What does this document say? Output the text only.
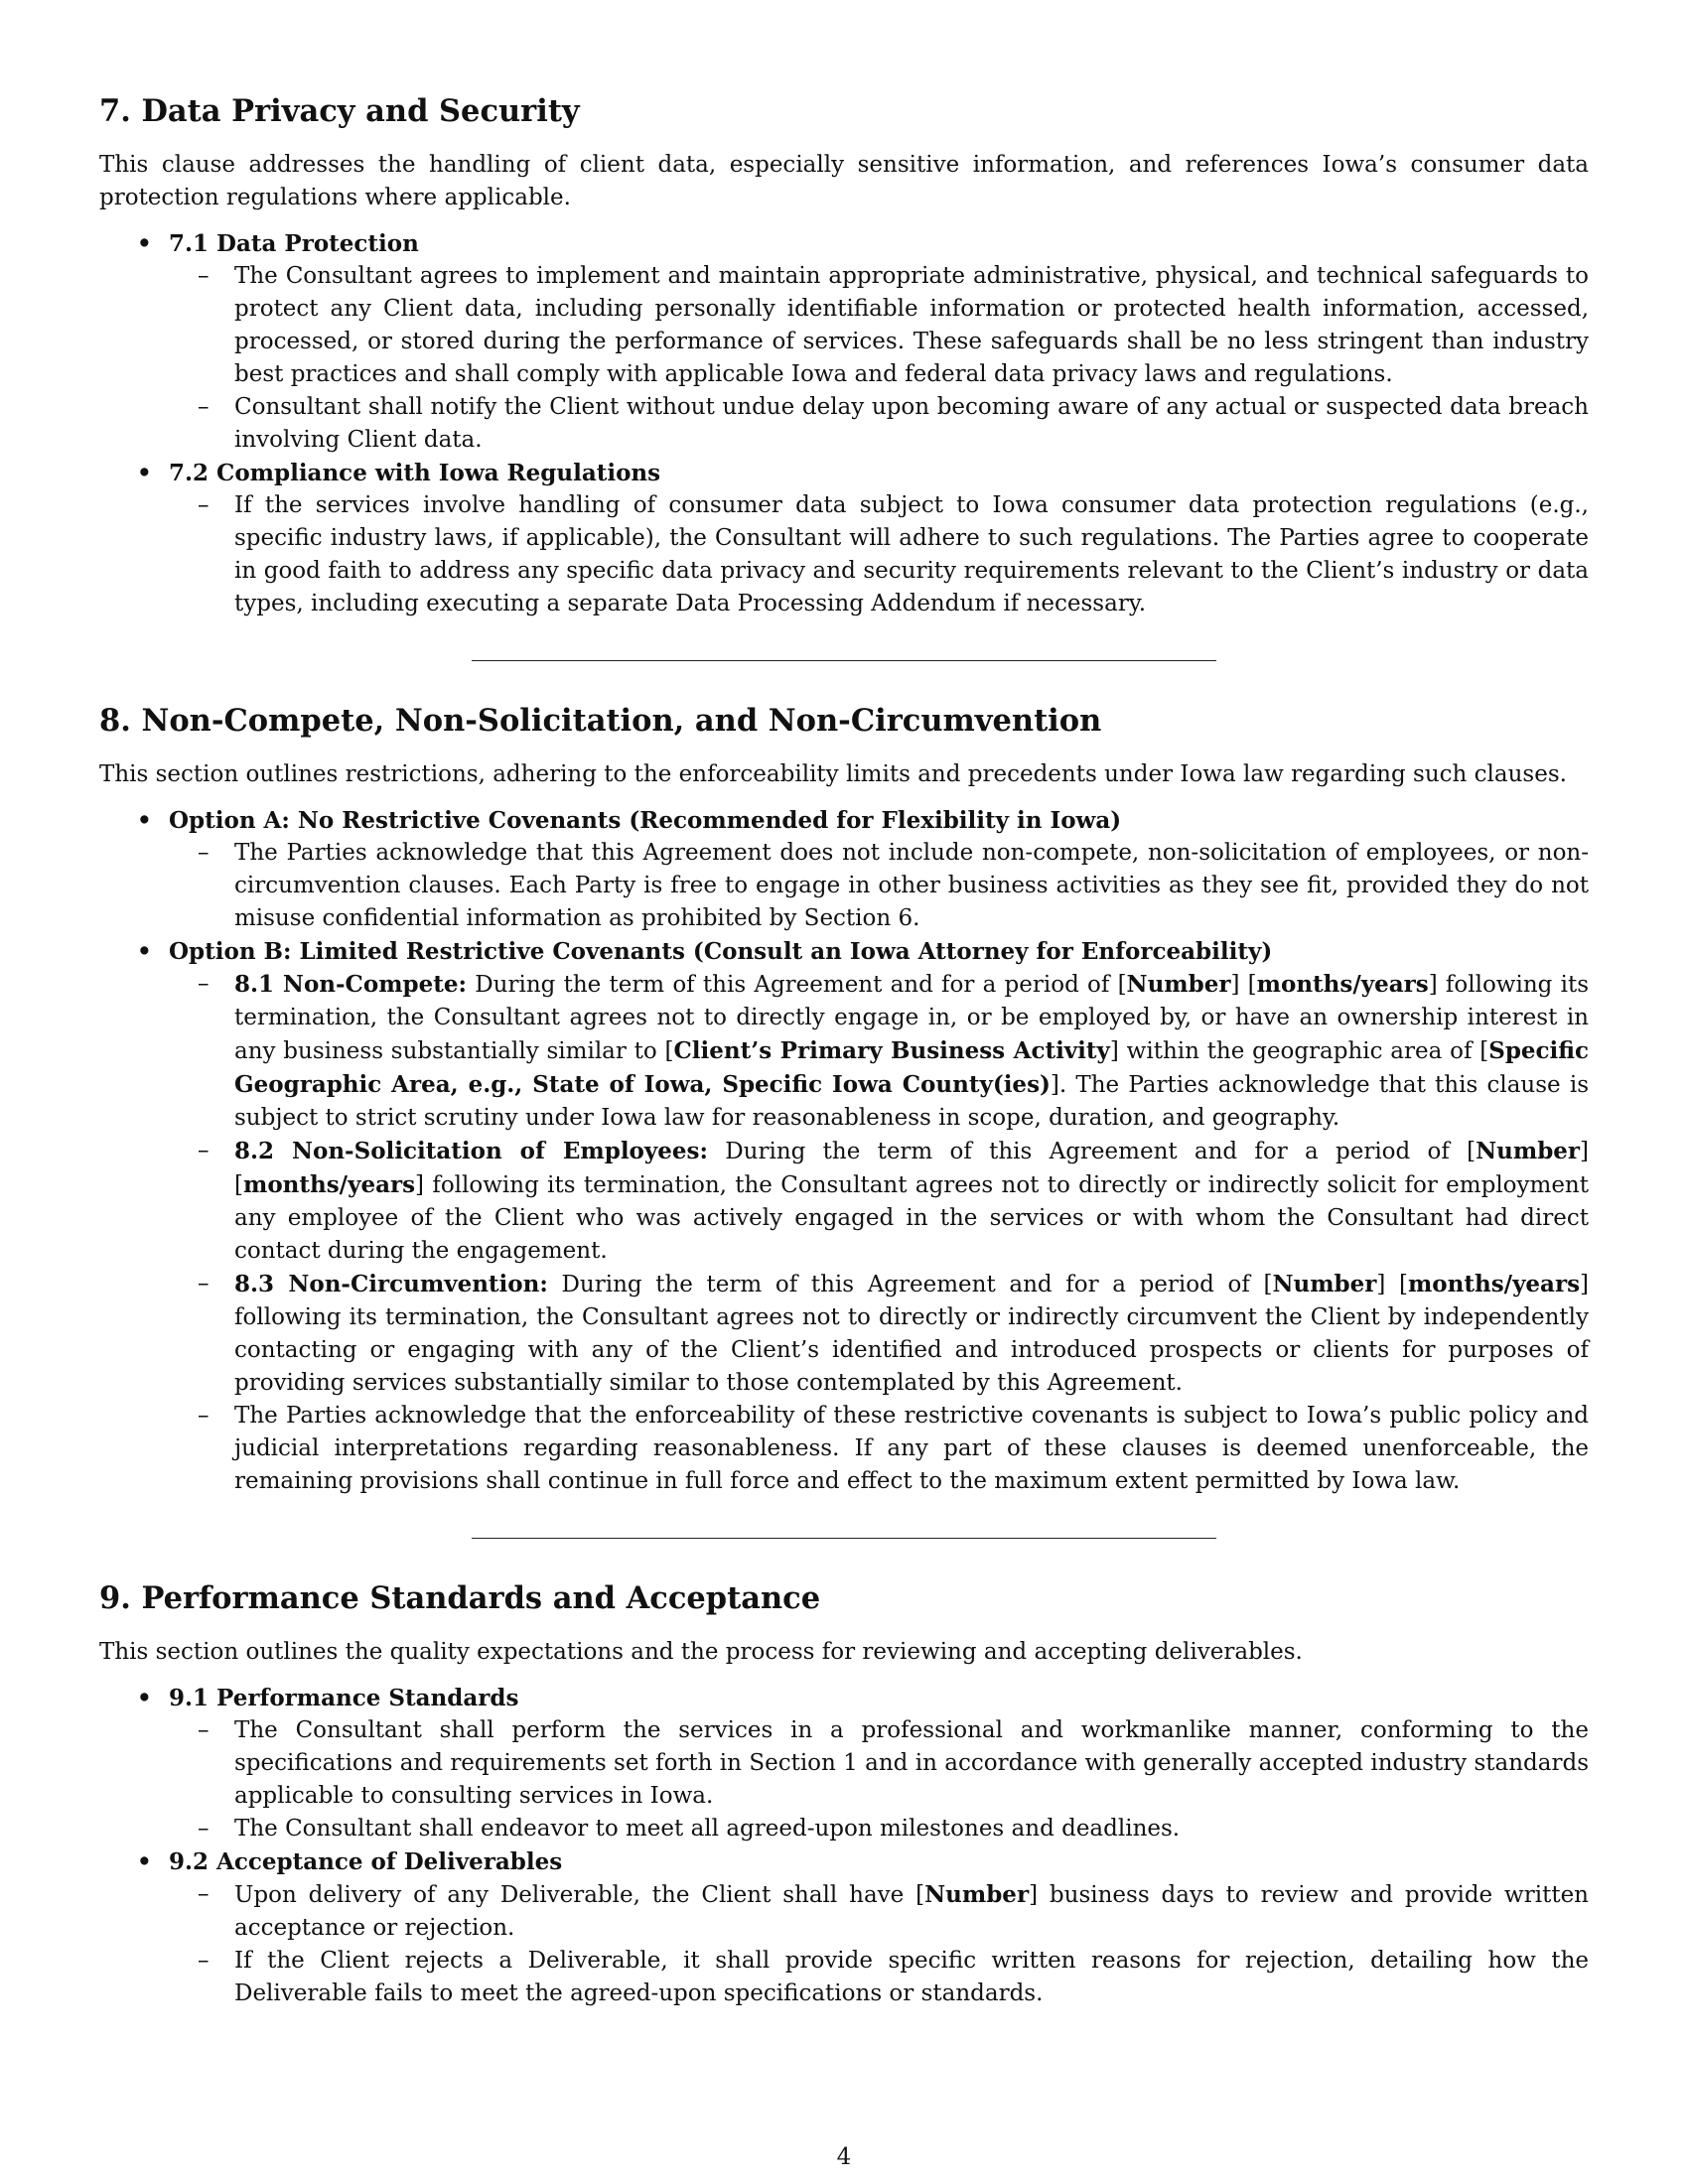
7. Data Privacy and Security

This clause addresses the handling of client data, especially sensitive information, and references Iowa’s consumer data protection regulations where applicable.

• 7.1 Data Protection
– The Consultant agrees to implement and maintain appropriate administrative, physical, and technical safeguards to protect any Client data, including personally identifiable information or protected health information, accessed, processed, or stored during the performance of services. These safeguards shall be no less stringent than industry best practices and shall comply with applicable Iowa and federal data privacy laws and regulations.
– Consultant shall notify the Client without undue delay upon becoming aware of any actual or suspected data breach involving Client data.
• 7.2 Compliance with Iowa Regulations
– If the services involve handling of consumer data subject to Iowa consumer data protection regulations (e.g., specific industry laws, if applicable), the Consultant will adhere to such regulations. The Parties agree to cooperate in good faith to address any specific data privacy and security requirements relevant to the Client’s industry or data types, including executing a separate Data Processing Addendum if necessary.
8. Non-Compete, Non-Solicitation, and Non-Circumvention

This section outlines restrictions, adhering to the enforceability limits and precedents under Iowa law regarding such clauses.

• Option A: No Restrictive Covenants (Recommended for Flexibility in Iowa)
– The Parties acknowledge that this Agreement does not include non-compete, non-solicitation of employees, or non-circumvention clauses. Each Party is free to engage in other business activities as they see fit, provided they do not misuse confidential information as prohibited by Section 6.
• Option B: Limited Restrictive Covenants (Consult an Iowa Attorney for Enforceability)
– 8.1 Non-Compete: During the term of this Agreement and for a period of [Number] [months/years] following its termination, the Consultant agrees not to directly engage in, or be employed by, or have an ownership interest in any business substantially similar to [Client’s Primary Business Activity] within the geographic area of [Specific Geographic Area, e.g., State of Iowa, Specific Iowa County(ies)]. The Parties acknowledge that this clause is subject to strict scrutiny under Iowa law for reasonableness in scope, duration, and geography.
– 8.2 Non-Solicitation of Employees: During the term of this Agreement and for a period of [Number] [months/years] following its termination, the Consultant agrees not to directly or indirectly solicit for employment any employee of the Client who was actively engaged in the services or with whom the Consultant had direct contact during the engagement.
– 8.3 Non-Circumvention: During the term of this Agreement and for a period of [Number] [months/years] following its termination, the Consultant agrees not to directly or indirectly circumvent the Client by independently contacting or engaging with any of the Client’s identified and introduced prospects or clients for purposes of providing services substantially similar to those contemplated by this Agreement.
– The Parties acknowledge that the enforceability of these restrictive covenants is subject to Iowa’s public policy and judicial interpretations regarding reasonableness. If any part of these clauses is deemed unenforceable, the remaining provisions shall continue in full force and effect to the maximum extent permitted by Iowa law.
9. Performance Standards and Acceptance

This section outlines the quality expectations and the process for reviewing and accepting deliverables.

• 9.1 Performance Standards
– The Consultant shall perform the services in a professional and workmanlike manner, conforming to the specifications and requirements set forth in Section 1 and in accordance with generally accepted industry standards applicable to consulting services in Iowa.
– The Consultant shall endeavor to meet all agreed-upon milestones and deadlines.
• 9.2 Acceptance of Deliverables
– Upon delivery of any Deliverable, the Client shall have [Number] business days to review and provide written acceptance or rejection.
– If the Client rejects a Deliverable, it shall provide specific written reasons for rejection, detailing how the Deliverable fails to meet the agreed-upon specifications or standards.
4
